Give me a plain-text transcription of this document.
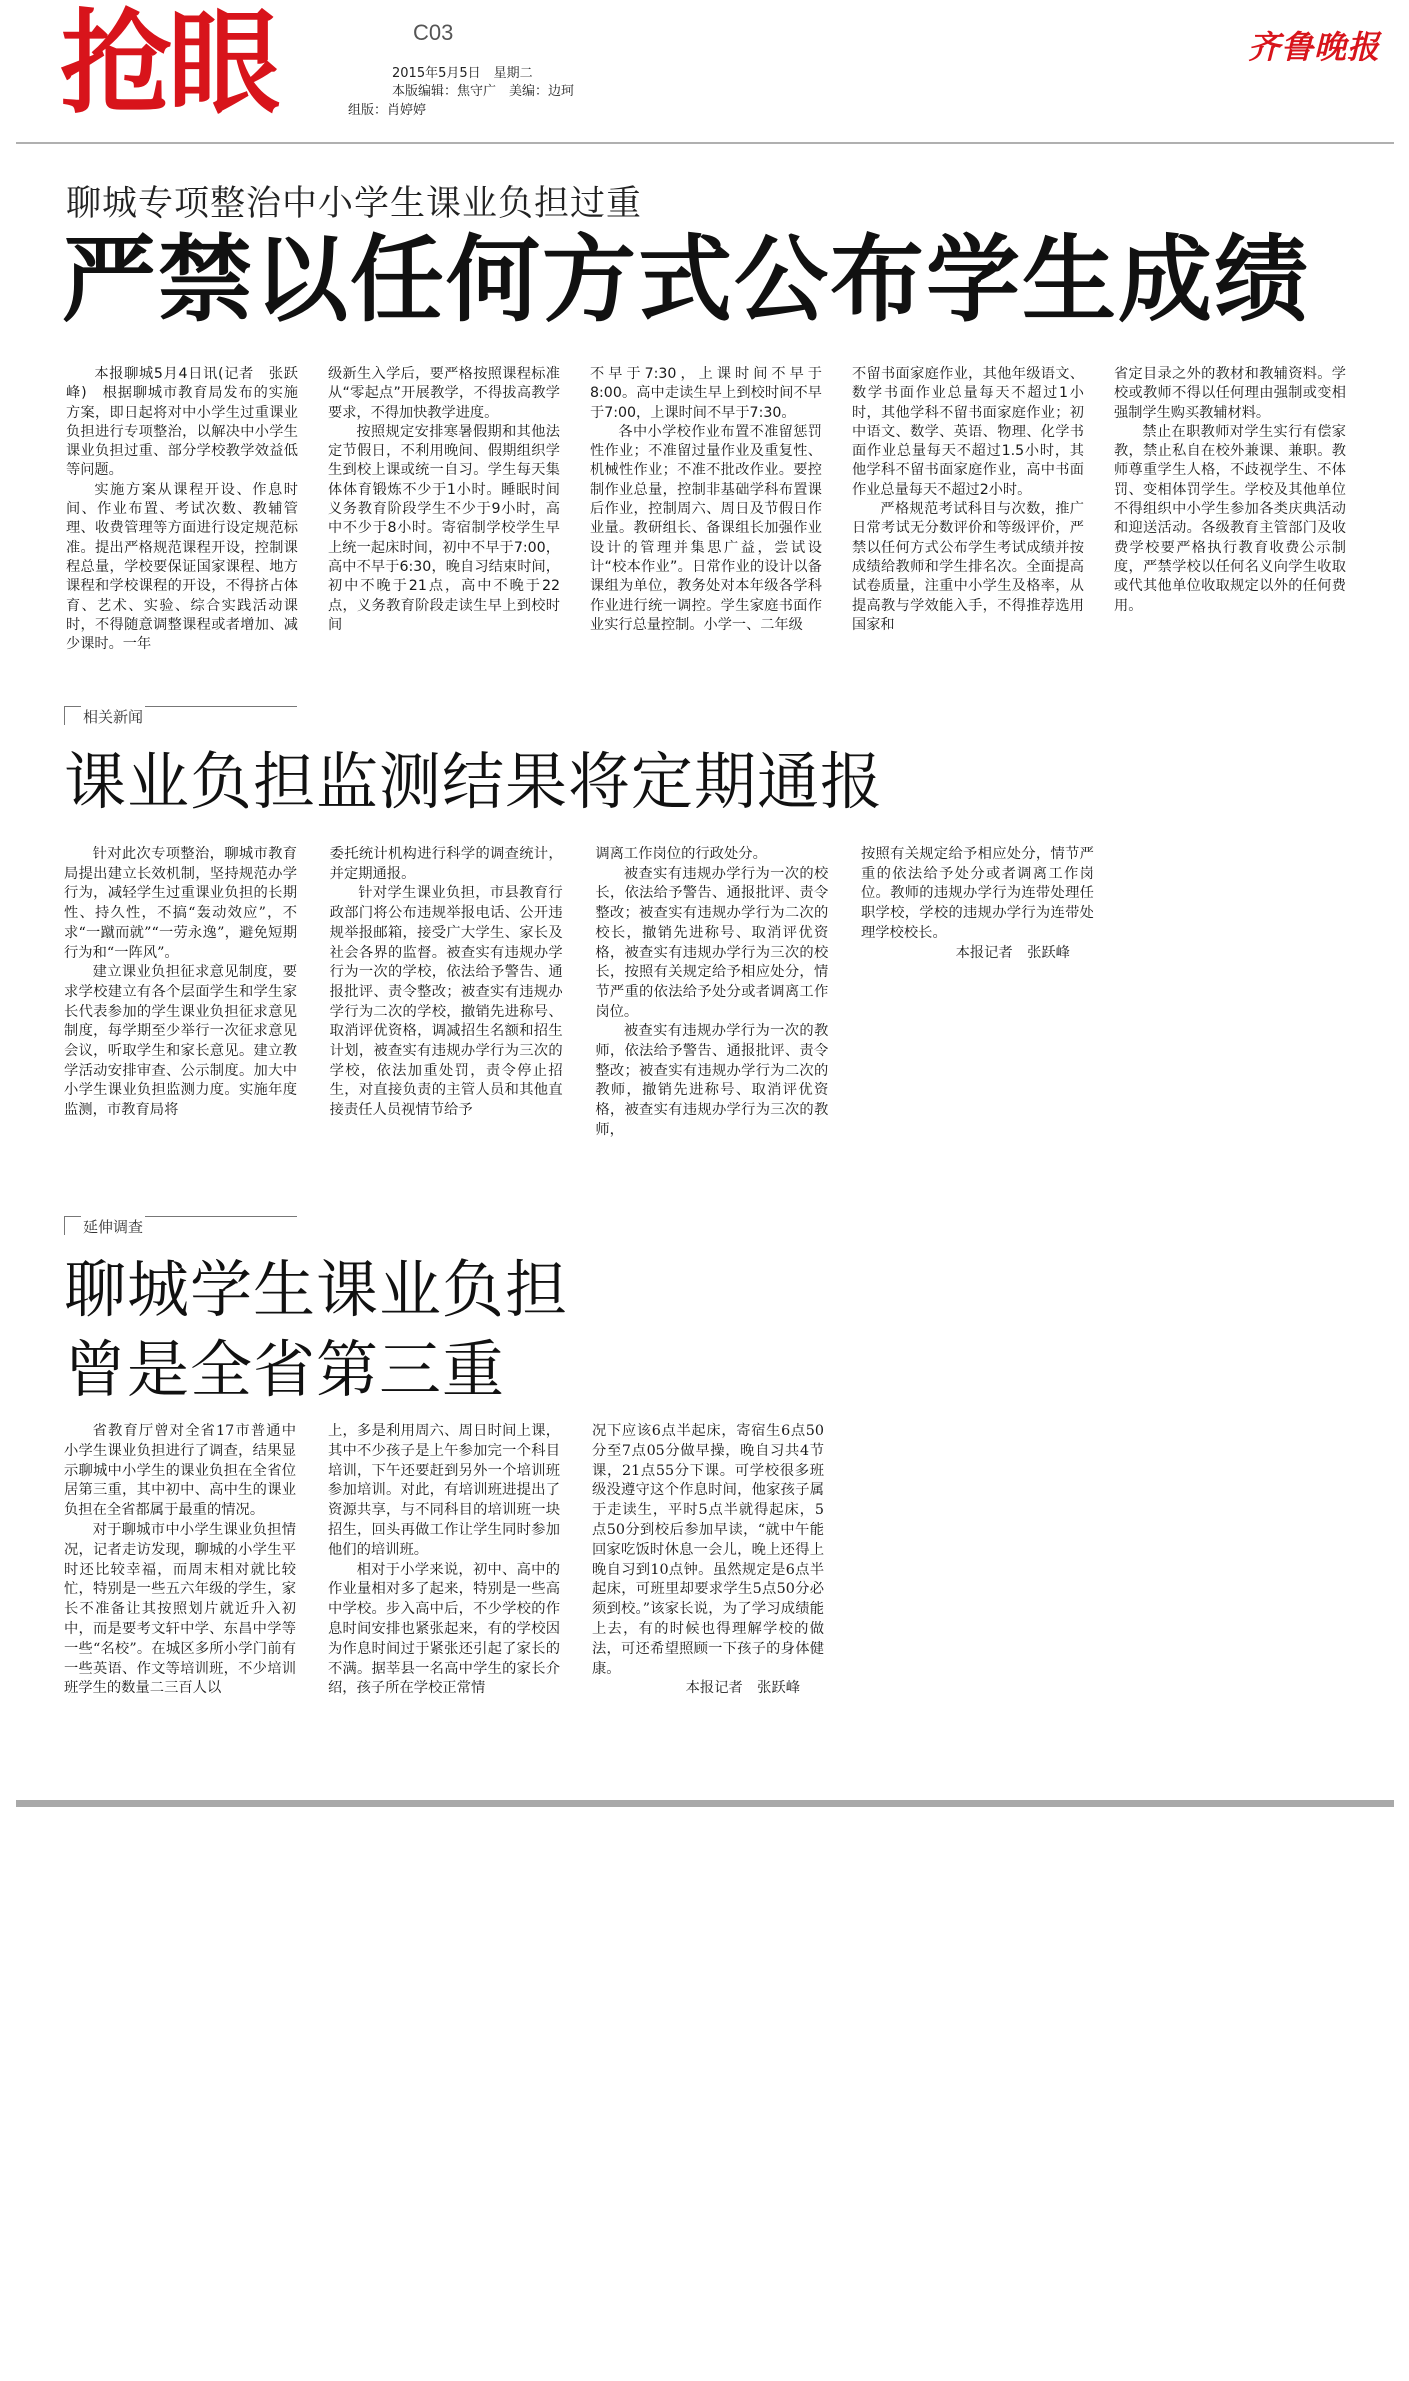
抢眼	C03
2015年5月5日　星期二
本版编辑：焦守广　美编：边珂
组版：肖婷婷
齐鲁晚报
聊城专项整治中小学生课业负担过重
严禁以任何方式公布学生成绩

本报聊城5月4日讯(记者　张跃峰)　根据聊城市教育局发布的实施方案，即日起将对中小学生过重课业负担进行专项整治，以解决中小学生课业负担过重、部分学校教学效益低等问题。

实施方案从课程开设、作息时间、作业布置、考试次数、教辅管理、收费管理等方面进行设定规范标准。提出严格规范课程开设，控制课程总量，学校要保证国家课程、地方课程和学校课程的开设，不得挤占体育、艺术、实验、综合实践活动课时，不得随意调整课程或者增加、减少课时。一年

级新生入学后，要严格按照课程标准从“零起点”开展教学，不得拔高教学要求，不得加快教学进度。

按照规定安排寒暑假期和其他法定节假日，不利用晚间、假期组织学生到校上课或统一自习。学生每天集体体育锻炼不少于1小时。睡眠时间义务教育阶段学生不少于9小时，高中不少于8小时。寄宿制学校学生早上统一起床时间，初中不早于7:00，高中不早于6:30，晚自习结束时间，初中不晚于21点，高中不晚于22点，义务教育阶段走读生早上到校时间

不早于7:30，上课时间不早于8:00。高中走读生早上到校时间不早于7:00，上课时间不早于7:30。

各中小学校作业布置不准留惩罚性作业；不准留过量作业及重复性、机械性作业；不准不批改作业。要控制作业总量，控制非基础学科布置课后作业，控制周六、周日及节假日作业量。教研组长、备课组长加强作业设计的管理并集思广益，尝试设计“校本作业”。日常作业的设计以备课组为单位，教务处对本年级各学科作业进行统一调控。学生家庭书面作业实行总量控制。小学一、二年级

不留书面家庭作业，其他年级语文、数学书面作业总量每天不超过1小时，其他学科不留书面家庭作业；初中语文、数学、英语、物理、化学书面作业总量每天不超过1.5小时，其他学科不留书面家庭作业，高中书面作业总量每天不超过2小时。

严格规范考试科目与次数，推广日常考试无分数评价和等级评价，严禁以任何方式公布学生考试成绩并按成绩给教师和学生排名次。全面提高试卷质量，注重中小学生及格率，从提高教与学效能入手，不得推荐选用国家和

省定目录之外的教材和教辅资料。学校或教师不得以任何理由强制或变相强制学生购买教辅材料。

禁止在职教师对学生实行有偿家教，禁止私自在校外兼课、兼职。教师尊重学生人格，不歧视学生、不体罚、变相体罚学生。学校及其他单位不得组织中小学生参加各类庆典活动和迎送活动。各级教育主管部门及收费学校要严格执行教育收费公示制度，严禁学校以任何名义向学生收取或代其他单位收取规定以外的任何费用。

相关新闻
课业负担监测结果将定期通报

针对此次专项整治，聊城市教育局提出建立长效机制，坚持规范办学行为，减轻学生过重课业负担的长期性、持久性，不搞“轰动效应”，不求“一蹴而就”“一劳永逸”，避免短期行为和“一阵风”。

建立课业负担征求意见制度，要求学校建立有各个层面学生和学生家长代表参加的学生课业负担征求意见制度，每学期至少举行一次征求意见会议，听取学生和家长意见。建立教学活动安排审查、公示制度。加大中小学生课业负担监测力度。实施年度监测，市教育局将

委托统计机构进行科学的调查统计，并定期通报。

针对学生课业负担，市县教育行政部门将公布违规举报电话、公开违规举报邮箱，接受广大学生、家长及社会各界的监督。被查实有违规办学行为一次的学校，依法给予警告、通报批评、责令整改；被查实有违规办学行为二次的学校，撤销先进称号、取消评优资格，调减招生名额和招生计划，被查实有违规办学行为三次的学校，依法加重处罚，责令停止招生，对直接负责的主管人员和其他直接责任人员视情节给予

调离工作岗位的行政处分。

被查实有违规办学行为一次的校长，依法给予警告、通报批评、责令整改；被查实有违规办学行为二次的校长，撤销先进称号、取消评优资格，被查实有违规办学行为三次的校长，按照有关规定给予相应处分，情节严重的依法给予处分或者调离工作岗位。

被查实有违规办学行为一次的教师，依法给予警告、通报批评、责令整改；被查实有违规办学行为二次的教师，撤销先进称号、取消评优资格，被查实有违规办学行为三次的教师，

按照有关规定给予相应处分，情节严重的依法给予处分或者调离工作岗位。教师的违规办学行为连带处理任职学校，学校的违规办学行为连带处理学校校长。

本报记者　张跃峰

延伸调查
聊城学生课业负担
曾是全省第三重

省教育厅曾对全省17市普通中小学生课业负担进行了调查，结果显示聊城中小学生的课业负担在全省位居第三重，其中初中、高中生的课业负担在全省都属于最重的情况。

对于聊城市中小学生课业负担情况，记者走访发现，聊城的小学生平时还比较幸福，而周末相对就比较忙，特别是一些五六年级的学生，家长不准备让其按照划片就近升入初中，而是要考文轩中学、东昌中学等一些“名校”。在城区多所小学门前有一些英语、作文等培训班，不少培训班学生的数量二三百人以

上，多是利用周六、周日时间上课，其中不少孩子是上午参加完一个科目培训，下午还要赶到另外一个培训班参加培训。对此，有培训班进提出了资源共享，与不同科目的培训班一块招生，回头再做工作让学生同时参加他们的培训班。

相对于小学来说，初中、高中的作业量相对多了起来，特别是一些高中学校。步入高中后，不少学校的作息时间安排也紧张起来，有的学校因为作息时间过于紧张还引起了家长的不满。据莘县一名高中学生的家长介绍，孩子所在学校正常情

况下应该6点半起床，寄宿生6点50分至7点05分做早操，晚自习共4节课，21点55分下课。可学校很多班级没遵守这个作息时间，他家孩子属于走读生，平时5点半就得起床，5点50分到校后参加早读，“就中午能回家吃饭时休息一会儿，晚上还得上晚自习到10点钟。虽然规定是6点半起床，可班里却要求学生5点50分必须到校。”该家长说，为了学习成绩能上去，有的时候也得理解学校的做法，可还希望照顾一下孩子的身体健康。

本报记者　张跃峰
